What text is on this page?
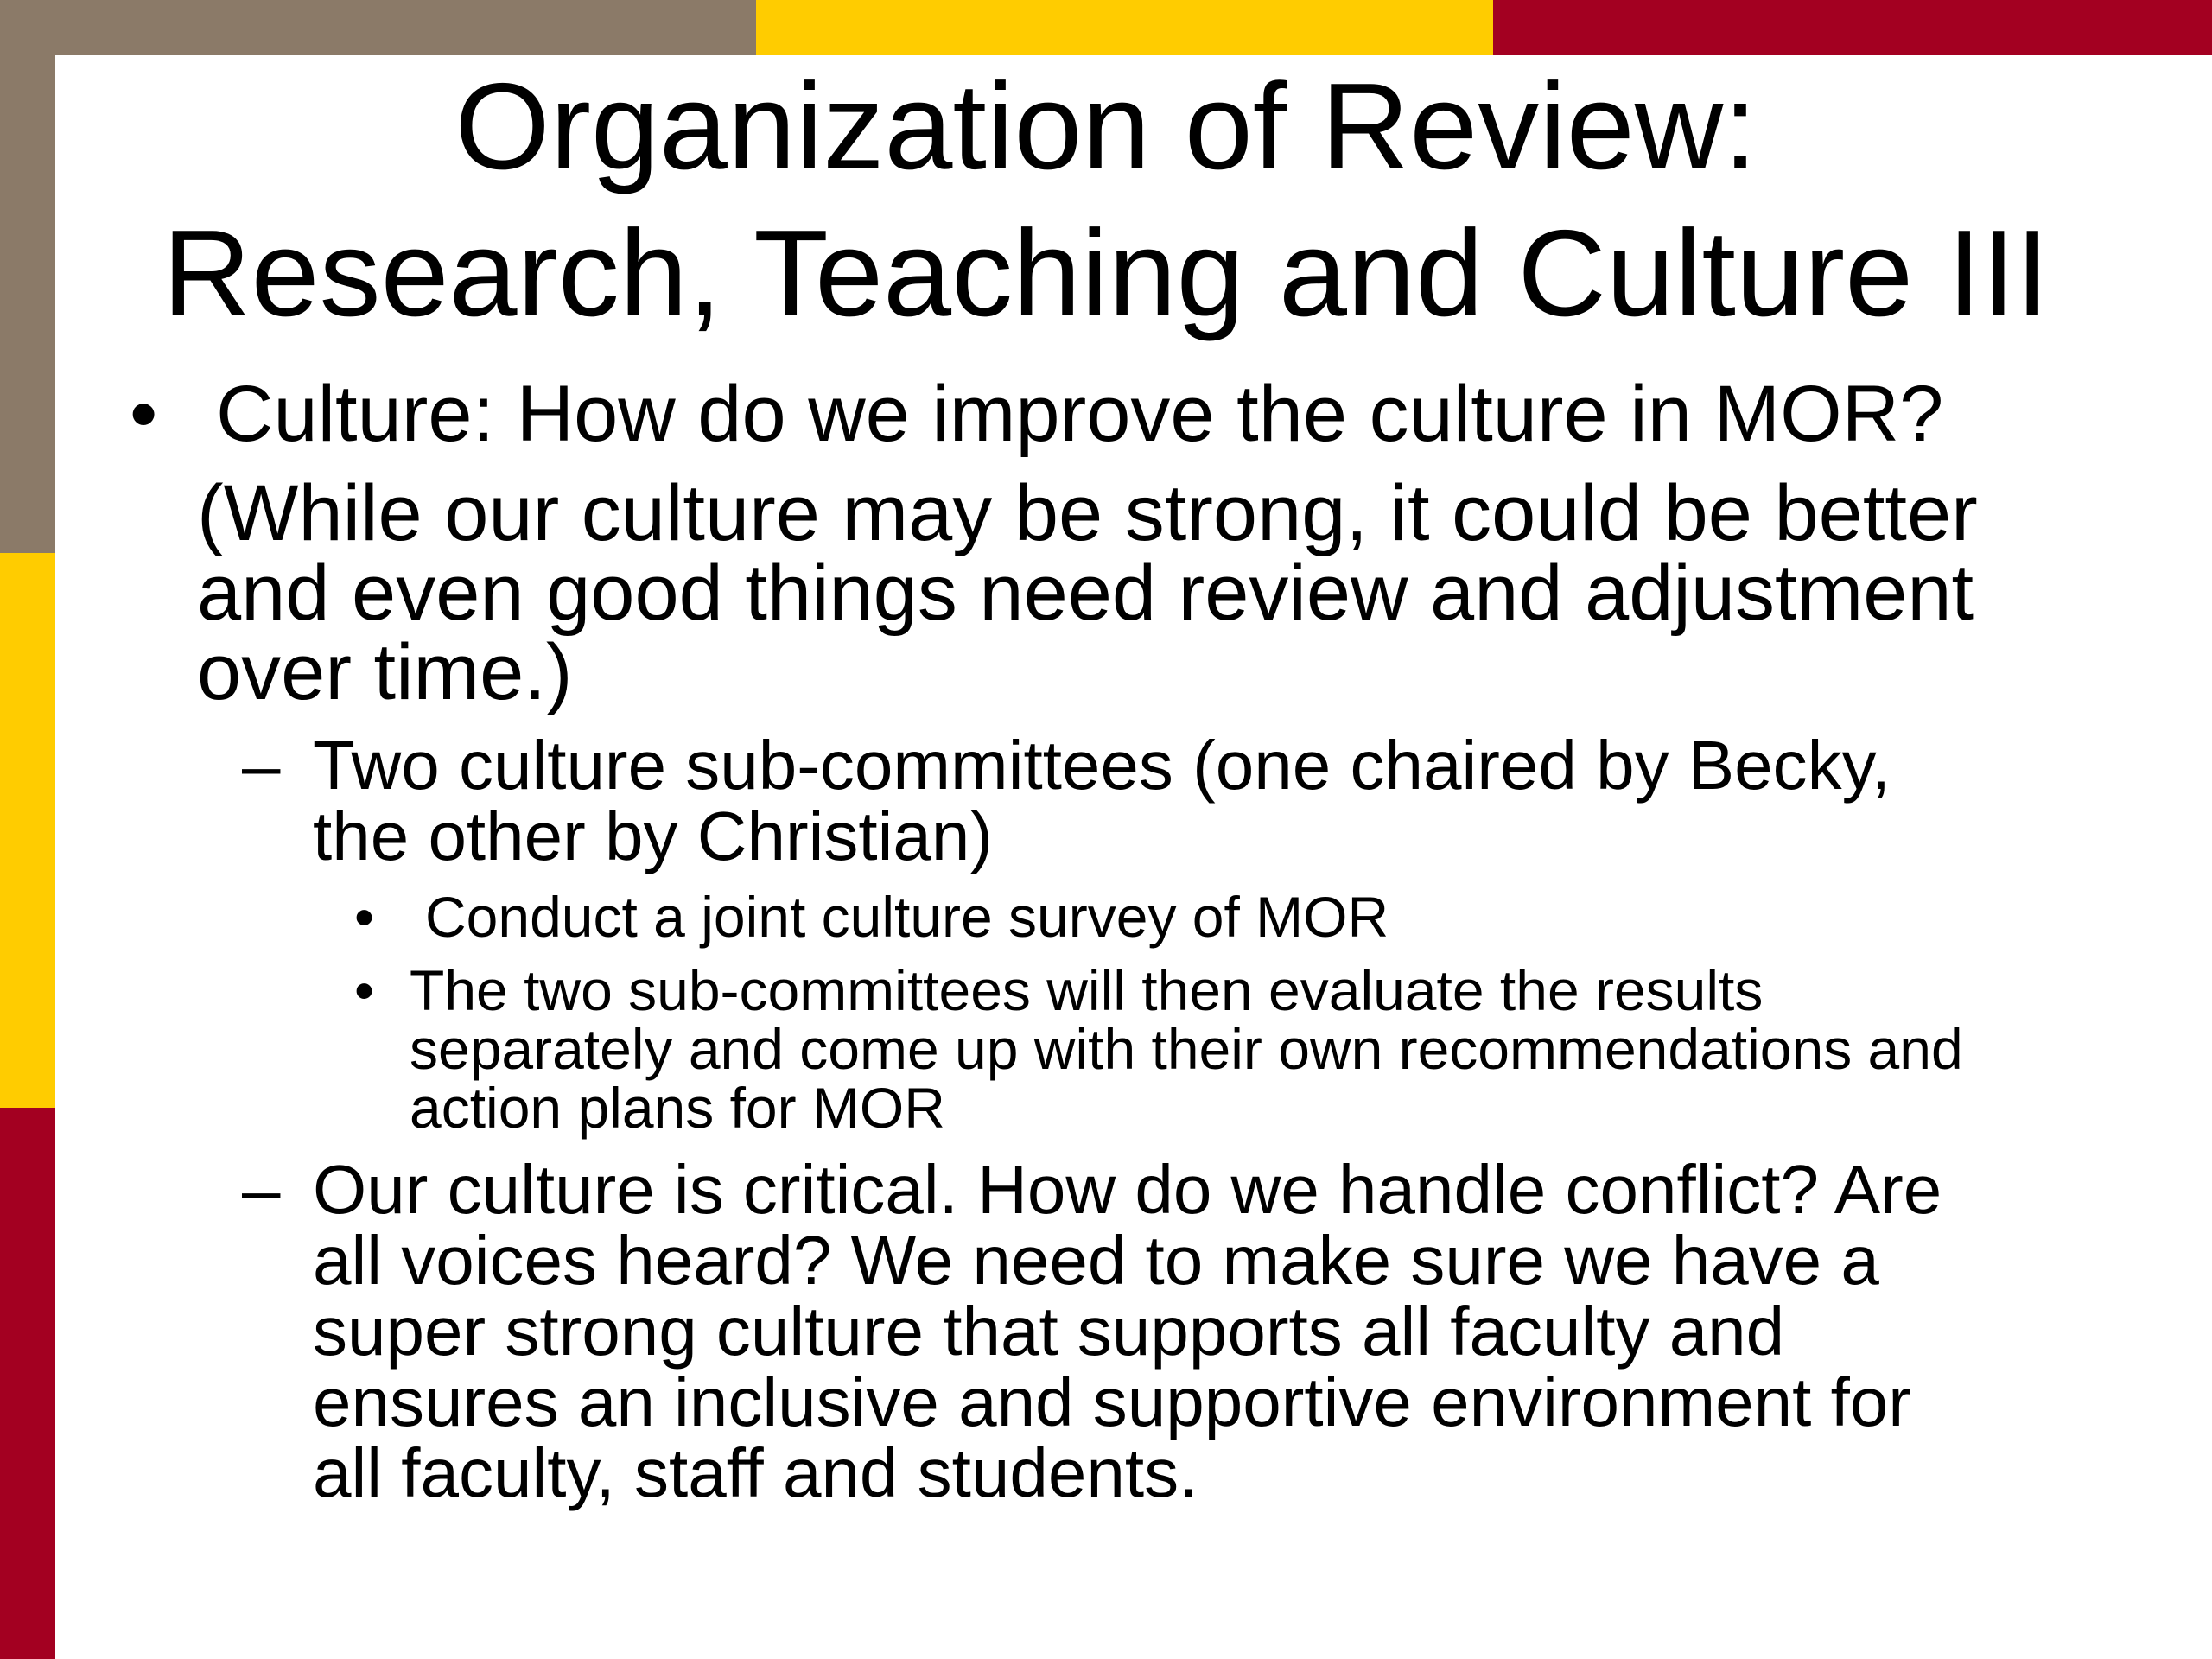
Organization of Review:
Research, Teaching and Culture III
• Culture: How do we improve the culture in MOR?
(While our culture may be strong, it could be better
and even good things need review and adjustment
over time.)
– Two culture sub-committees (one chaired by Becky,
the other by Christian)
• Conduct a joint culture survey of MOR
• The two sub-committees will then evaluate the results
separately and come up with their own recommendations and
action plans for MOR
– Our culture is critical. How do we handle conflict? Are
all voices heard? We need to make sure we have a
super strong culture that supports all faculty and
ensures an inclusive and supportive environment for
all faculty, staff and students.
